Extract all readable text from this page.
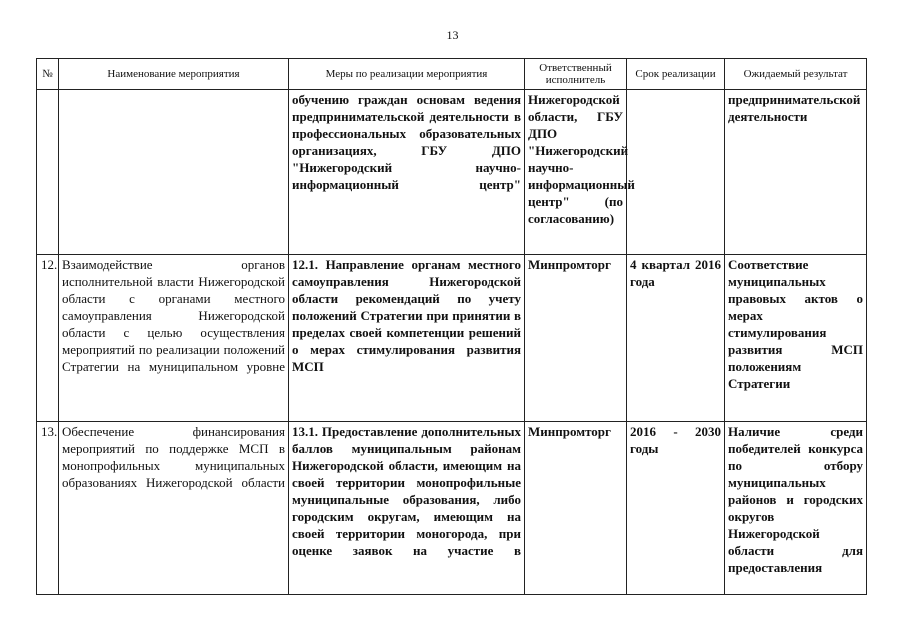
13
№	Наименование мероприятия	Меры по реализации мероприятия	Ответственный исполнитель	Срок реализации	Ожидаемый результат
		обучению граждан основам ведения предпринимательской деятельности в профессиональных образовательных организациях, ГБУ ДПО "Нижегородский научно-информационный центр"	Нижегородской области, ГБУ ДПО "Нижегородский научно-информационный центр" (по согласованию)		предпринимательской деятельности
12.	Взаимодействие органов исполнительной власти Нижегородской области с органами местного самоуправления Нижегородской области с целью осуществления мероприятий по реализации положений Стратегии на муниципальном уровне	12.1. Направление органам местного самоуправления Нижегородской области рекомендаций по учету положений Стратегии при принятии в пределах своей компетенции решений о мерах стимулирования развития МСП	Минпромторг	4 квартал 2016 года	Соответствие муниципальных правовых актов о мерах стимулирования развития МСП положениям Стратегии
13.	Обеспечение финансирования мероприятий по поддержке МСП в монопрофильных муниципальных образованиях Нижегородской области	13.1. Предоставление дополнительных баллов муниципальным районам Нижегородской области, имеющим на своей территории монопрофильные муниципальные образования, либо городским округам, имеющим на своей территории моногорода, при оценке заявок на участие в	Минпромторг	2016 - 2030 годы	Наличие среди победителей конкурса по отбору муниципальных районов и городских округов Нижегородской области для предоставления
